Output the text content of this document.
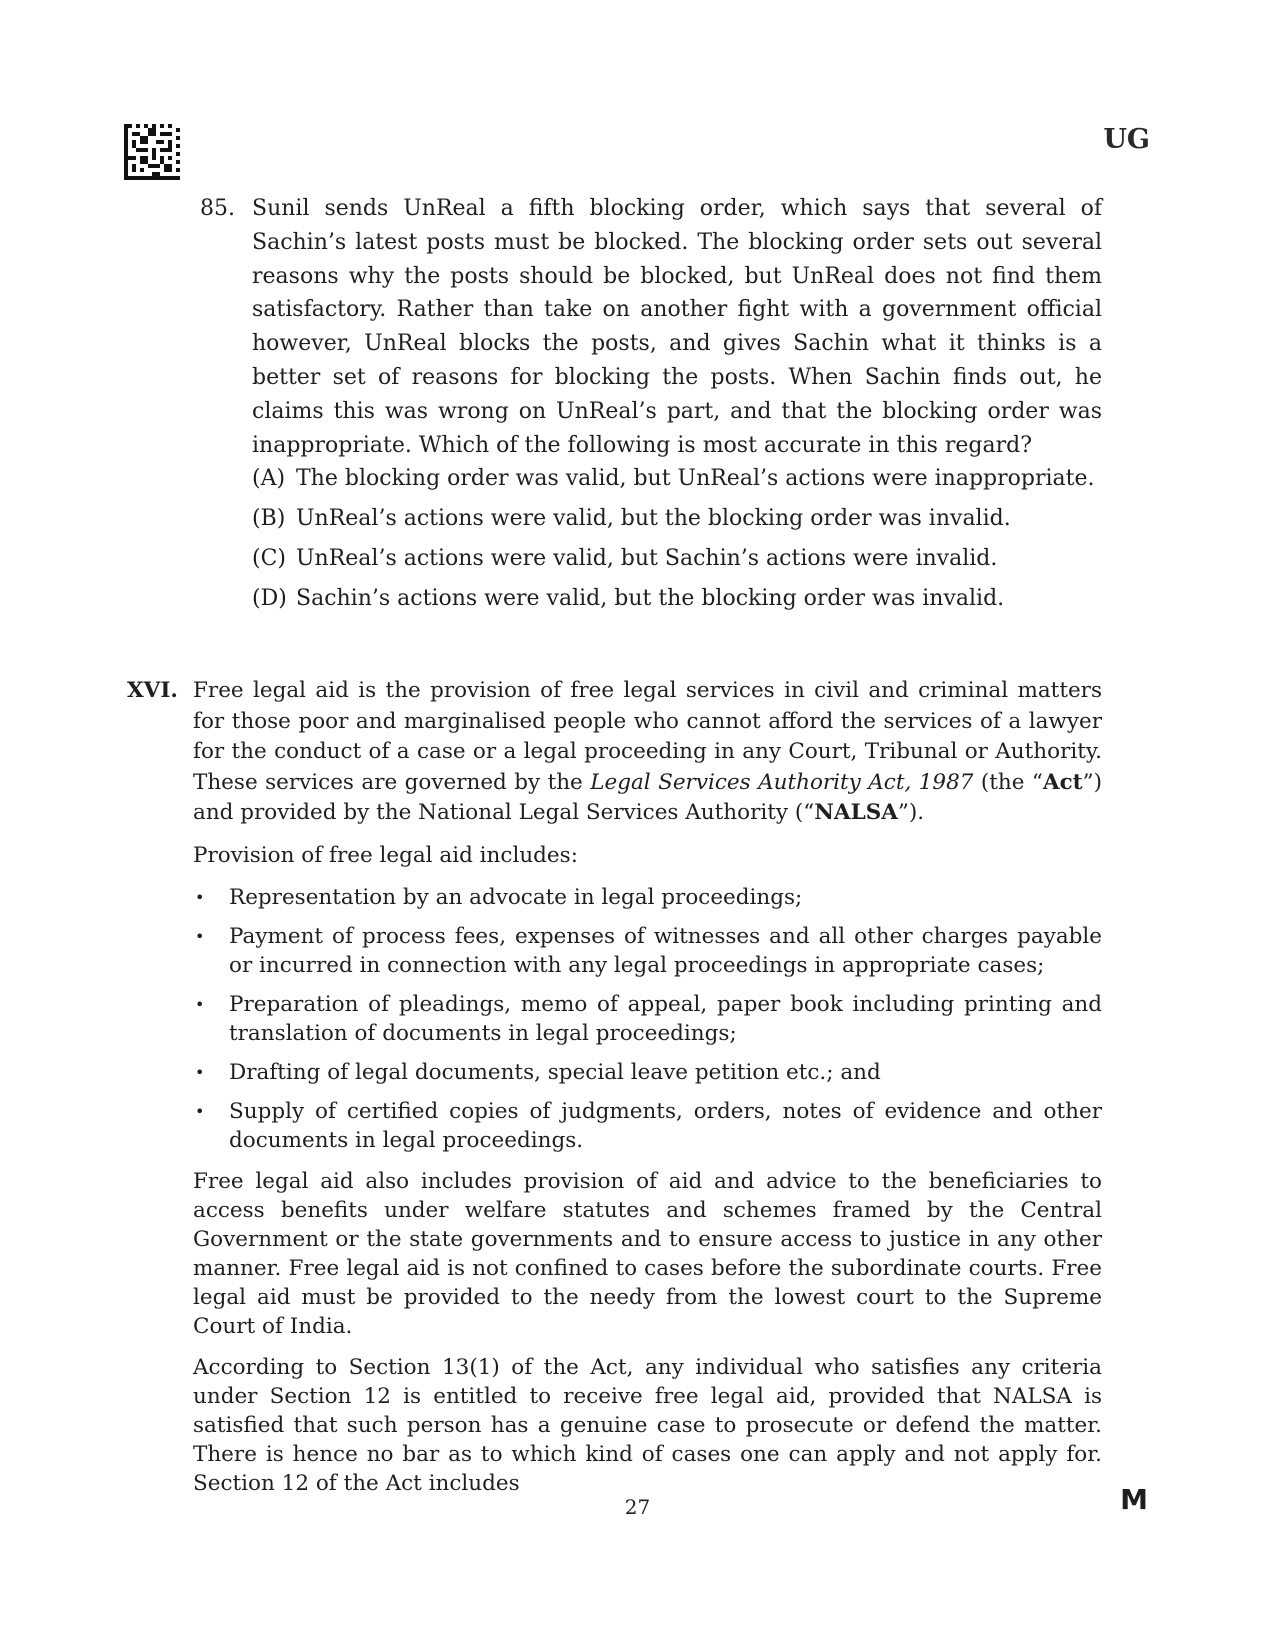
UG
85. Sunil sends UnReal a fifth blocking order, which says that several of Sachin’s latest posts must be blocked. The blocking order sets out several reasons why the posts should be blocked, but UnReal does not find them satisfactory. Rather than take on another fight with a government official however, UnReal blocks the posts, and gives Sachin what it thinks is a better set of reasons for blocking the posts. When Sachin finds out, he claims this was wrong on UnReal’s part, and that the blocking order was inappropriate. Which of the following is most accurate in this regard?
(A) The blocking order was valid, but UnReal’s actions were inappropriate.
(B) UnReal’s actions were valid, but the blocking order was invalid.
(C) UnReal’s actions were valid, but Sachin’s actions were invalid.
(D) Sachin’s actions were valid, but the blocking order was invalid.
XVI. Free legal aid is the provision of free legal services in civil and criminal matters for those poor and marginalised people who cannot afford the services of a lawyer for the conduct of a case or a legal proceeding in any Court, Tribunal or Authority. These services are governed by the Legal Services Authority Act, 1987 (the “Act”) and provided by the National Legal Services Authority (“NALSA”).

Provision of free legal aid includes:

• Representation by an advocate in legal proceedings;
• Payment of process fees, expenses of witnesses and all other charges payable or incurred in connection with any legal proceedings in appropriate cases;
• Preparation of pleadings, memo of appeal, paper book including printing and translation of documents in legal proceedings;
• Drafting of legal documents, special leave petition etc.; and
• Supply of certified copies of judgments, orders, notes of evidence and other documents in legal proceedings.

Free legal aid also includes provision of aid and advice to the beneficiaries to access benefits under welfare statutes and schemes framed by the Central Government or the state governments and to ensure access to justice in any other manner. Free legal aid is not confined to cases before the subordinate courts. Free legal aid must be provided to the needy from the lowest court to the Supreme Court of India.

According to Section 13(1) of the Act, any individual who satisfies any criteria under Section 12 is entitled to receive free legal aid, provided that NALSA is satisfied that such person has a genuine case to prosecute or defend the matter. There is hence no bar as to which kind of cases one can apply and not apply for. Section 12 of the Act includes

27	M
